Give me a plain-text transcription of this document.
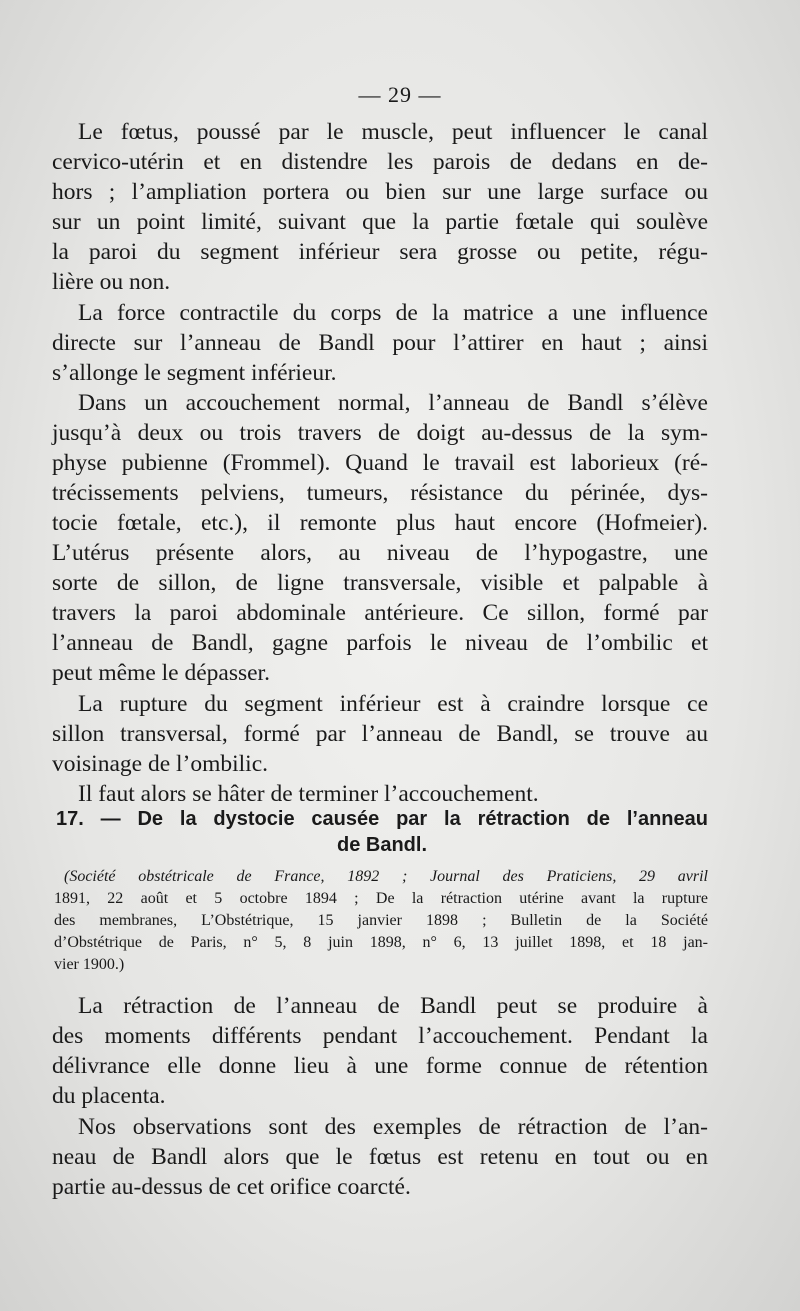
— 29 —
Le fœtus, poussé par le muscle, peut influencer le canal
cervico-utérin et en distendre les parois de dedans en de-
hors ; l’ampliation portera ou bien sur une large surface ou
sur un point limité, suivant que la partie fœtale qui soulève
la paroi du segment inférieur sera grosse ou petite, régu-
lière ou non.
La force contractile du corps de la matrice a une influence
directe sur l’anneau de Bandl pour l’attirer en haut ; ainsi
s’allonge le segment inférieur.
Dans un accouchement normal, l’anneau de Bandl s’élève
jusqu’à deux ou trois travers de doigt au-dessus de la sym-
physe pubienne (Frommel). Quand le travail est laborieux (ré-
trécissements pelviens, tumeurs, résistance du périnée, dys-
tocie fœtale, etc.), il remonte plus haut encore (Hofmeier).
L’utérus présente alors, au niveau de l’hypogastre, une
sorte de sillon, de ligne transversale, visible et palpable à
travers la paroi abdominale antérieure. Ce sillon, formé par
l’anneau de Bandl, gagne parfois le niveau de l’ombilic et
peut même le dépasser.
La rupture du segment inférieur est à craindre lorsque ce
sillon transversal, formé par l’anneau de Bandl, se trouve au
voisinage de l’ombilic.
Il faut alors se hâter de terminer l’accouchement.
17. — De la dystocie causée par la rétraction de l’anneau
de Bandl.
(Société obstétricale de France, 1892 ; Journal des Praticiens, 29 avril
1891, 22 août et 5 octobre 1894 ; De la rétraction utérine avant la rupture
des membranes, L’Obstétrique, 15 janvier 1898 ; Bulletin de la Société
d’Obstétrique de Paris, n° 5, 8 juin 1898, n° 6, 13 juillet 1898, et 18 jan-
vier 1900.)
La rétraction de l’anneau de Bandl peut se produire à
des moments différents pendant l’accouchement. Pendant la
délivrance elle donne lieu à une forme connue de rétention
du placenta.
Nos observations sont des exemples de rétraction de l’an-
neau de Bandl alors que le fœtus est retenu en tout ou en
partie au-dessus de cet orifice coarcté.
